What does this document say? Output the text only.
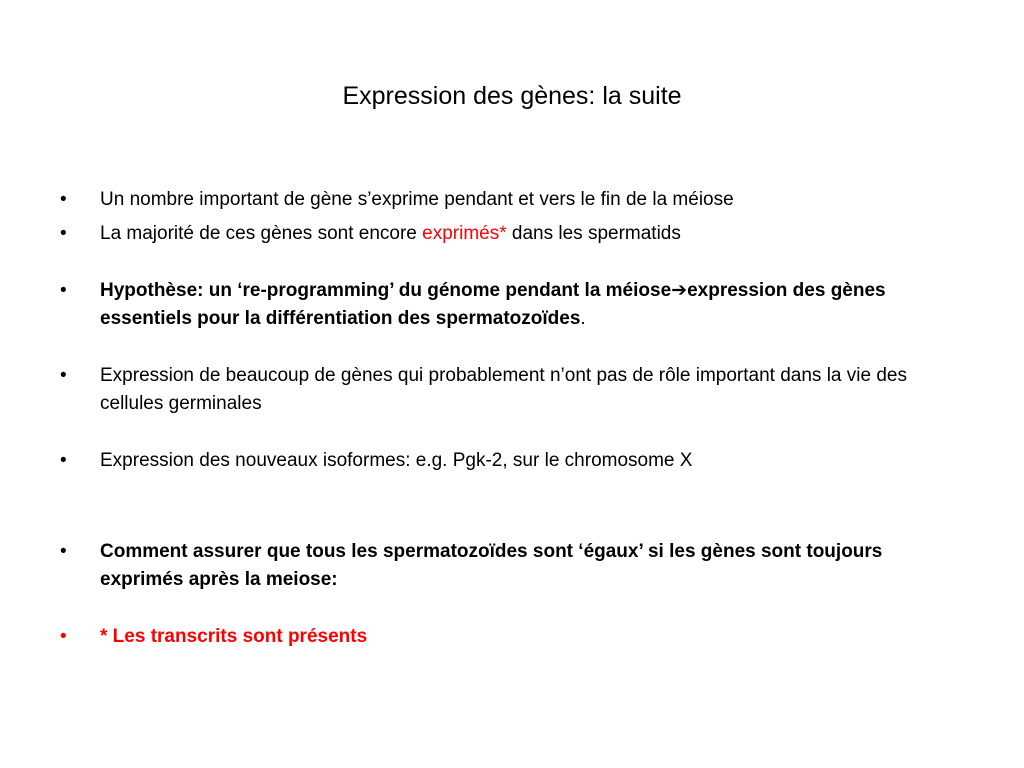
Expression des gènes: la suite
•	Un nombre important de gène s’exprime pendant et vers le fin de la méiose
•	La majorité de ces gènes sont encore exprimés* dans les spermatids
•	Hypothèse: un ‘re-programming’ du génome pendant la méiose➔expression des gènes essentiels pour la différentiation des spermatozoïdes.
•	Expression de beaucoup de gènes qui probablement n’ont pas de rôle important dans la vie des cellules germinales
•	Expression des nouveaux isoformes: e.g. Pgk-2, sur le chromosome X
•	Comment assurer que tous les spermatozoïdes sont ‘égaux’ si les gènes sont toujours exprimés après la meiose:
•	* Les transcrits sont présents
